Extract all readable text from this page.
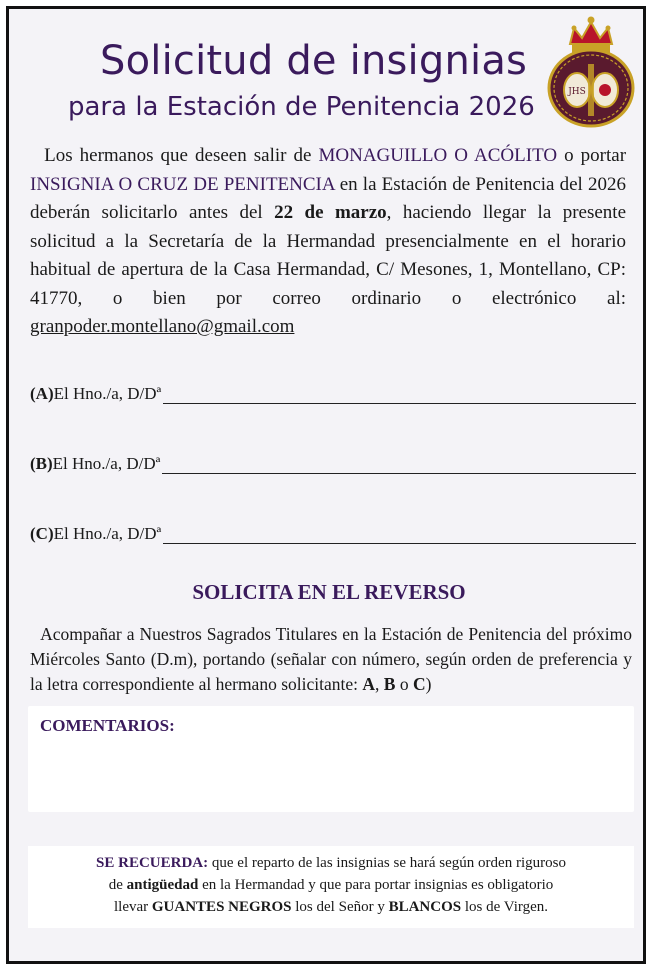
Solicitud de insignias
para la Estación de Penitencia 2026	JHS
Los hermanos que deseen salir de MONAGUILLO O ACÓLITO o portar INSIGNIA O CRUZ DE PENITENCIA en la Estación de Penitencia del 2026 deberán solicitarlo antes del 22 de marzo, haciendo llegar la presente solicitud a la Secretaría de la Hermandad presencialmente en el horario habitual de apertura de la Casa Hermandad, C/ Mesones, 1, Montellano, CP: 41770, o bien por correo ordinario o electrónico al: granpoder.montellano@gmail.com
(A) El Hno./a, D/Dª
(B) El Hno./a, D/Dª
(C) El Hno./a, D/Dª
SOLICITA EN EL REVERSO
Acompañar a Nuestros Sagrados Titulares en la Estación de Penitencia del próximo Miércoles Santo (D.m), portando (señalar con número, según orden de preferencia y la letra correspondiente al hermano solicitante: A, B o C)
COMENTARIOS:
SE RECUERDA: que el reparto de las insignias se hará según orden riguroso
de antigüedad en la Hermandad y que para portar insignias es obligatorio
llevar GUANTES NEGROS los del Señor y BLANCOS los de Virgen.
